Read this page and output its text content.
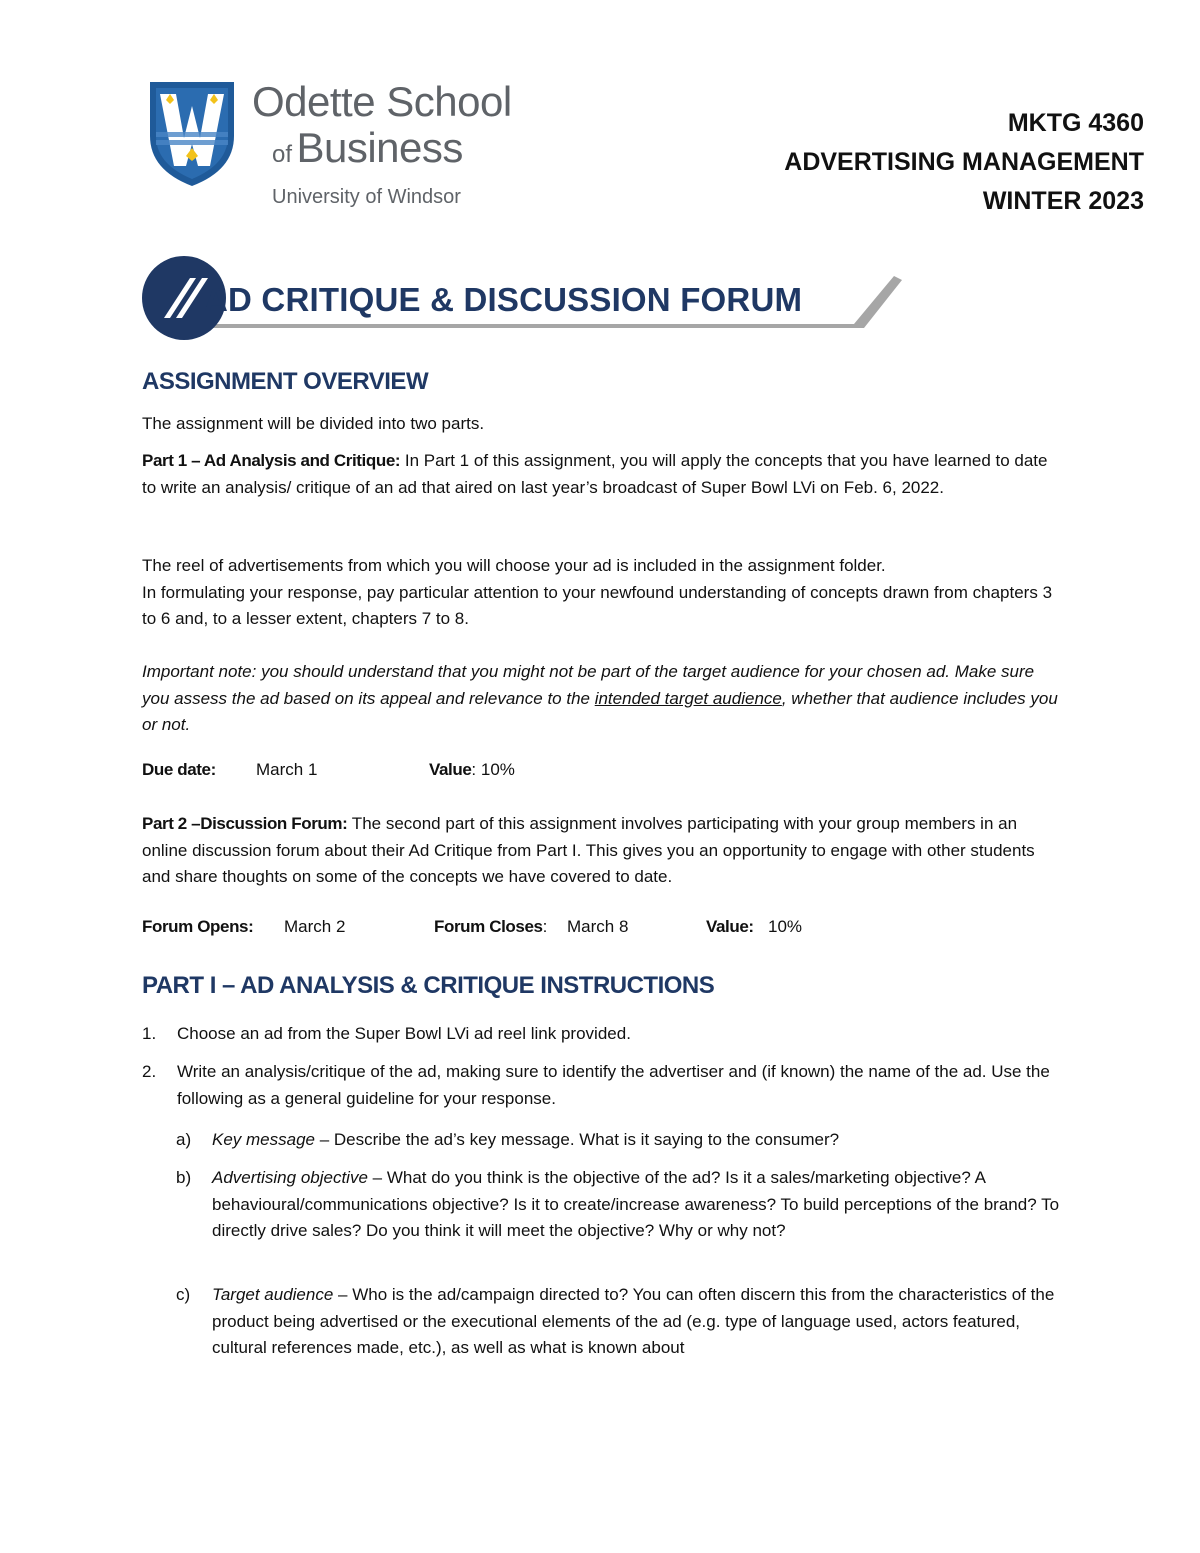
Odette School
of Business
University of Windsor
MKTG 4360
ADVERTISING MANAGEMENT
WINTER 2023
AD CRITIQUE & DISCUSSION FORUM
ASSIGNMENT OVERVIEW
The assignment will be divided into two parts.
Part 1 – Ad Analysis and Critique: In Part 1 of this assignment, you will apply the concepts that you have learned to date to write an analysis/ critique of an ad that aired on last year’s broadcast of Super Bowl LVi on Feb. 6, 2022.
The reel of advertisements from which you will choose your ad is included in the assignment folder.
In formulating your response, pay particular attention to your newfound understanding of concepts drawn from chapters 3 to 6 and, to a lesser extent, chapters 7 to 8.
Important note: you should understand that you might not be part of the target audience for your chosen ad. Make sure you assess the ad based on its appeal and relevance to the intended target audience, whether that audience includes you or not.
Due date: March 1	Value: 10%
Part 2 –Discussion Forum: The second part of this assignment involves participating with your group members in an online discussion forum about their Ad Critique from Part I. This gives you an opportunity to engage with other students and share thoughts on some of the concepts we have covered to date.
Forum Opens: March 2	Forum Closes: March 8	Value: 10%
PART I – AD ANALYSIS & CRITIQUE INSTRUCTIONS
1. Choose an ad from the Super Bowl LVi ad reel link provided.
2. Write an analysis/critique of the ad, making sure to identify the advertiser and (if known) the name of the ad. Use the following as a general guideline for your response.
a) Key message – Describe the ad’s key message. What is it saying to the consumer?
b) Advertising objective – What do you think is the objective of the ad? Is it a sales/marketing objective? A behavioural/communications objective? Is it to create/increase awareness? To build perceptions of the brand? To directly drive sales? Do you think it will meet the objective? Why or why not?
c) Target audience – Who is the ad/campaign directed to? You can often discern this from the characteristics of the product being advertised or the executional elements of the ad (e.g. type of language used, actors featured, cultural references made, etc.), as well as what is known about
